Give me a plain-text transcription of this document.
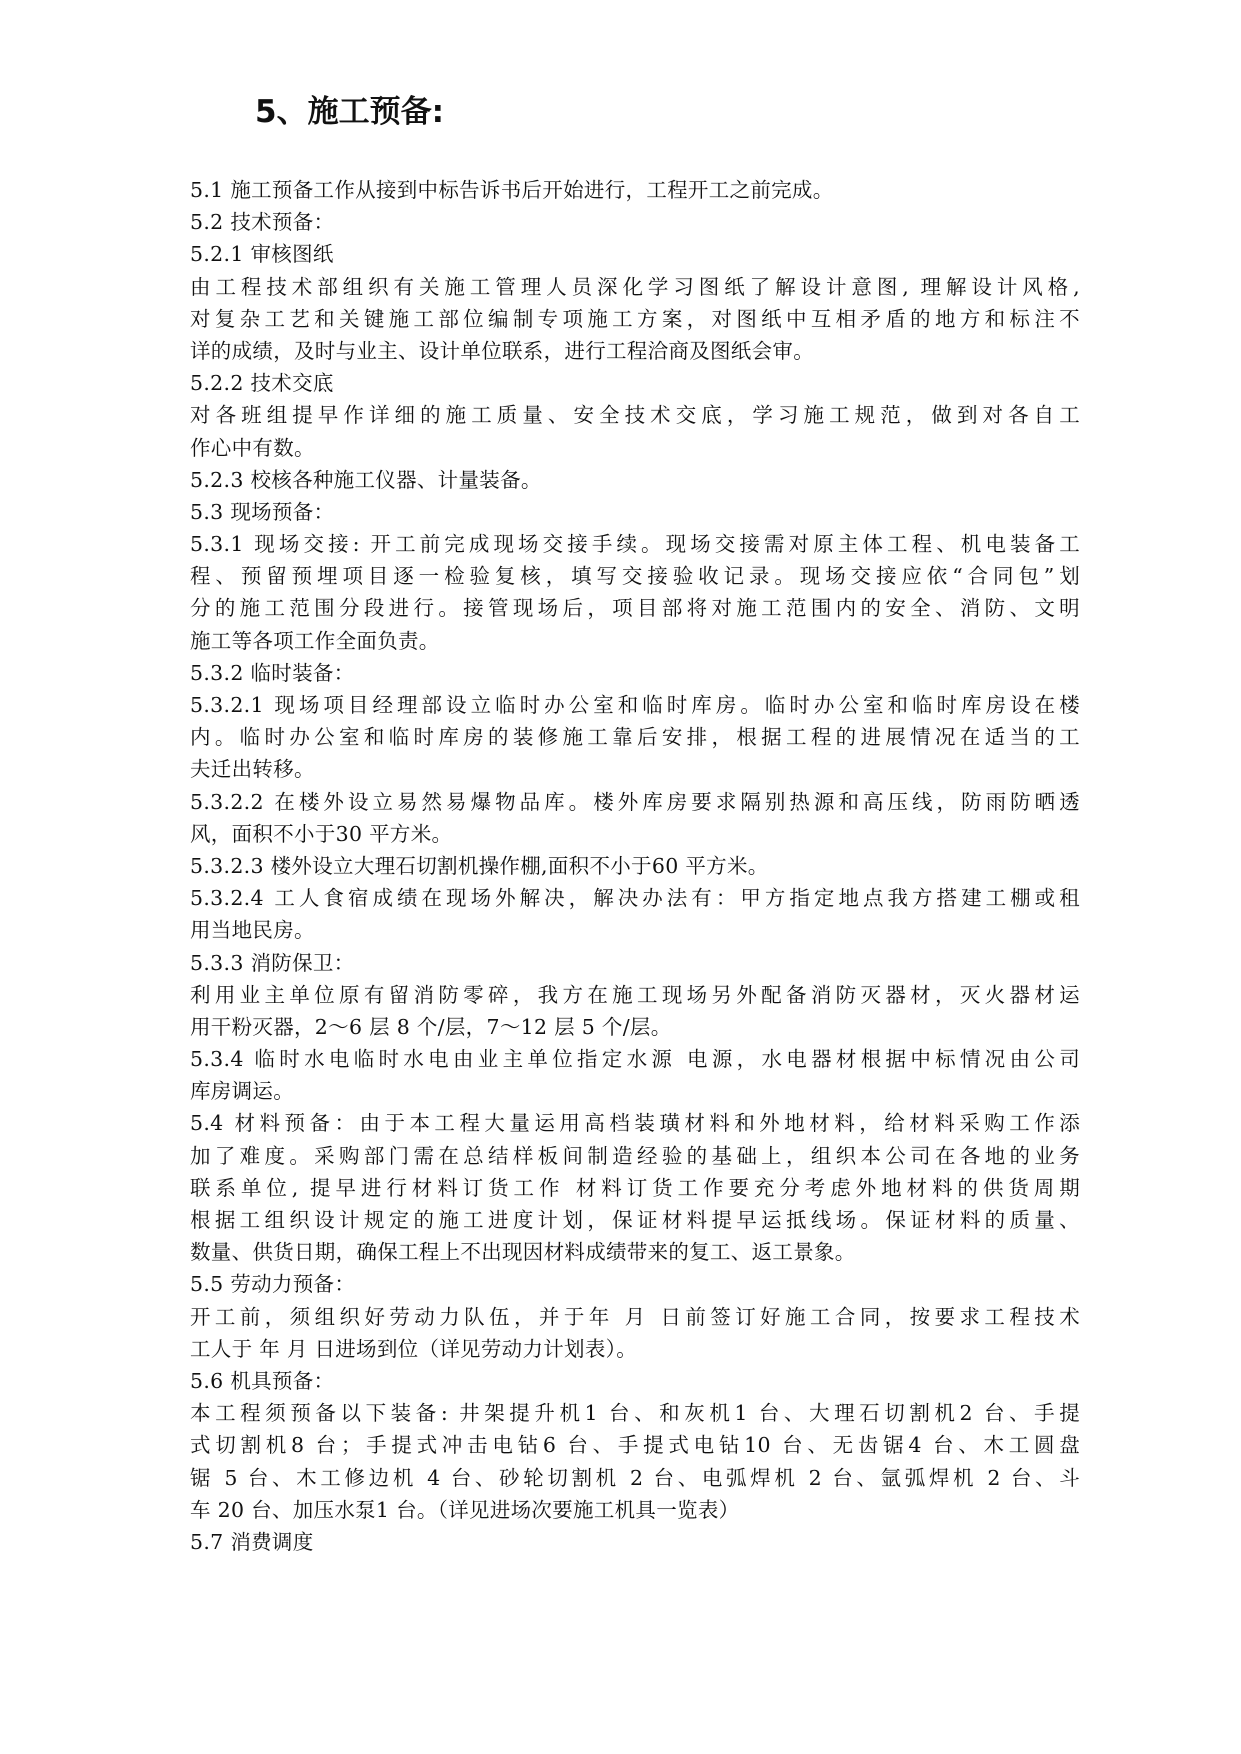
5、施工预备:
5.1 施工预备工作从接到中标告诉书后开始进行，工程开工之前完成。
5.2 技术预备：
5.2.1 审核图纸
由工程技术部组织有关施工管理人员深化学习图纸了解设计意图, 理解设计风格,
对复杂工艺和关键施工部位编制专项施工方案，对图纸中互相矛盾的地方和标注不
详的成绩，及时与业主、设计单位联系，进行工程洽商及图纸会审。
5.2.2 技术交底
对各班组提早作详细的施工质量、安全技术交底，学习施工规范，做到对各自工
作心中有数。
5.2.3 校核各种施工仪器、计量装备。
5.3 现场预备：
5.3.1 现场交接: 开工前完成现场交接手续。现场交接需对原主体工程、机电装备工
程、预留预埋项目逐一检验复核，填写交接验收记录。现场交接应依“合同包”划
分的施工范围分段进行。接管现场后，项目部将对施工范围内的安全、消防、文明
施工等各项工作全面负责。
5.3.2 临时装备：
5.3.2.1 现场项目经理部设立临时办公室和临时库房。临时办公室和临时库房设在楼
内。临时办公室和临时库房的装修施工靠后安排，根据工程的进展情况在适当的工
夫迁出转移。
5.3.2.2 在楼外设立易然易爆物品库。楼外库房要求隔别热源和高压线，防雨防晒透
风，面积不小于30 平方米。
5.3.2.3 楼外设立大理石切割机操作棚,面积不小于60 平方米。
5.3.2.4 工人食宿成绩在现场外解决，解决办法有：甲方指定地点我方搭建工棚或租
用当地民房。
5.3.3 消防保卫：
利用业主单位原有留消防零碎，我方在施工现场另外配备消防灭器材，灭火器材运
用干粉灭器，2～6 层 8 个/层，7～12 层 5 个/层。
5.3.4 临时水电临时水电由业主单位指定水源 电源，水电器材根据中标情况由公司
库房调运。
5.4 材料预备：由于本工程大量运用高档装璜材料和外地材料，给材料采购工作添
加了难度。采购部门需在总结样板间制造经验的基础上，组织本公司在各地的业务
联系单位, 提早进行材料订货工作 材料订货工作要充分考虑外地材料的供货周期
根据工组织设计规定的施工进度计划，保证材料提早运抵线场。保证材料的质量、
数量、供货日期，确保工程上不出现因材料成绩带来的复工、返工景象。
5.5 劳动力预备：
开工前，须组织好劳动力队伍，并于年 月 日前签订好施工合同，按要求工程技术
工人于 年 月 日进场到位（详见劳动力计划表）。
5.6 机具预备：
本工程须预备以下装备: 井架提升机1 台、和灰机1 台、大理石切割机2 台、手提
式切割机8 台；手提式冲击电钻6 台、手提式电钻10 台、无齿锯4 台、木工圆盘
锯 5 台、木工修边机 4 台、砂轮切割机 2 台、电弧焊机 2 台、氩弧焊机 2 台、斗
车 20 台、加压水泵1 台。（详见进场次要施工机具一览表）
5.7 消费调度
